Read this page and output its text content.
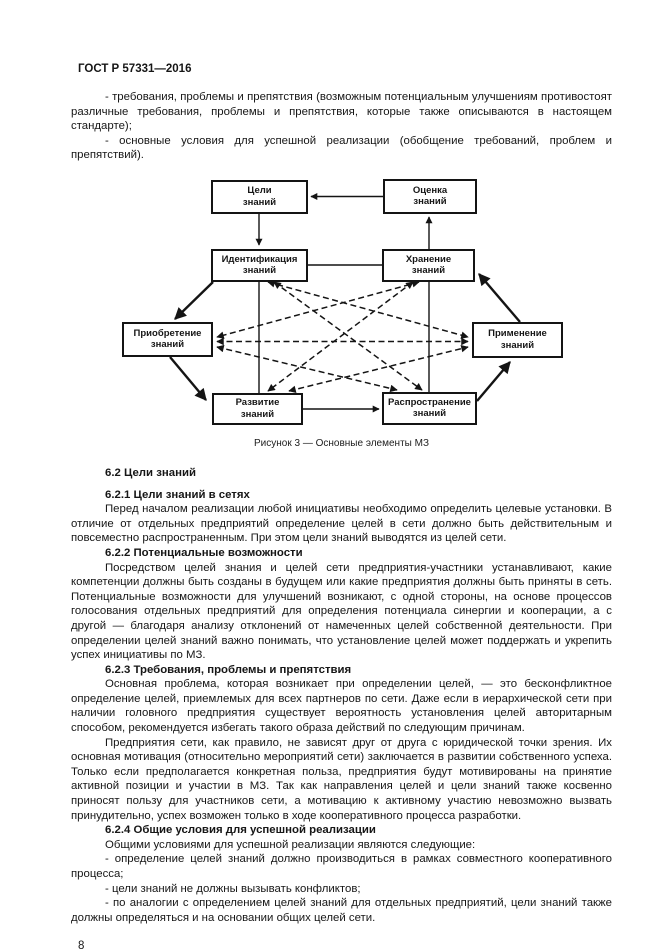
ГОСТ Р 57331—2016

- требования, проблемы и препятствия (возможным потенциальным улучшениям противостоят различные требования, проблемы и препятствия, которые также описываются в настоящем стандарте);

- основные условия для успешной реализации (обобщение требований, проблем и препятствий).

Цели
знаний
Оценка
знаний
Идентификация
знаний
Хранение
знаний
Приобретение
знаний
Применение
знаний
Развитие
знаний
Распространение
знаний
Рисунок 3 — Основные элементы МЗ
6.2 Цели знаний
6.2.1 Цели знаний в сетях

Перед началом реализации любой инициативы необходимо определить целевые установки. В отличие от отдельных предприятий определение целей в сети должно быть действительным и повсеместно распространенным. При этом цели знаний выводятся из целей сети.

6.2.2 Потенциальные возможности

Посредством целей знания и целей сети предприятия-участники устанавливают, какие компетенции должны быть созданы в будущем или какие предприятия должны быть приняты в сеть. Потенциальные возможности для улучшений возникают, с одной стороны, на основе процессов голосования отдельных предприятий для определения потенциала синергии и кооперации, а с другой — благодаря анализу отклонений от намеченных целей собственной деятельности. При определении целей знаний важно понимать, что установление целей может поддержать и укрепить успех инициативы по МЗ.

6.2.3 Требования, проблемы и препятствия

Основная проблема, которая возникает при определении целей, — это бесконфликтное определение целей, приемлемых для всех партнеров по сети. Даже если в иерархической сети при наличии головного предприятия существует вероятность установления целей авторитарным способом, рекомендуется избегать такого образа действий по следующим причинам.

Предприятия сети, как правило, не зависят друг от друга с юридической точки зрения. Их основная мотивация (относительно мероприятий сети) заключается в развитии собственного успеха. Только если предполагается конкретная польза, предприятия будут мотивированы на принятие активной позиции и участии в МЗ. Так как направления целей и цели знаний также косвенно приносят пользу для участников сети, а мотивацию к активному участию невозможно вызвать принудительно, успех возможен только в ходе кооперативного процесса разработки.

6.2.4 Общие условия для успешной реализации

Общими условиями для успешной реализации являются следующие:

- определение целей знаний должно производиться в рамках совместного кооперативного процесса;

- цели знаний не должны вызывать конфликтов;

- по аналогии с определением целей знаний для отдельных предприятий, цели знаний также должны определяться и на основании общих целей сети.

8
